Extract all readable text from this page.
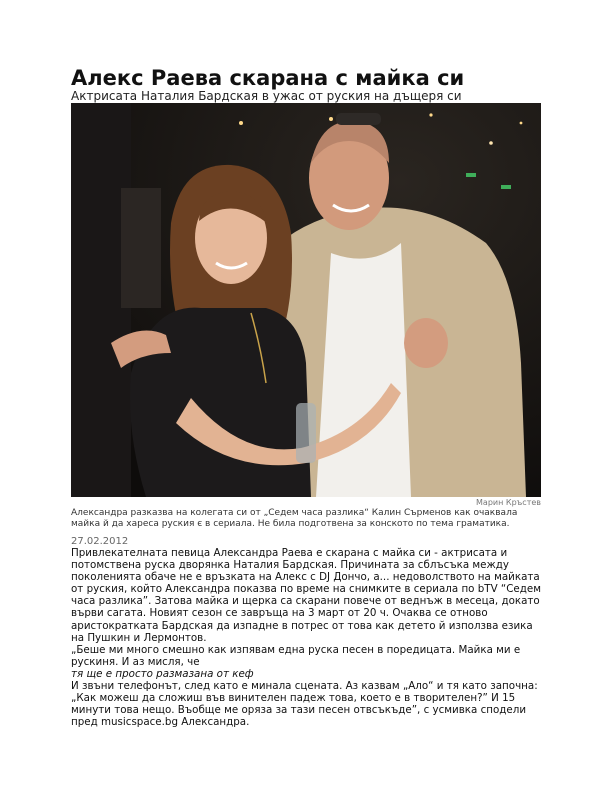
Алекс Раева скарана с майка си
Актрисата Наталия Бардская в ужас от руския на дъщеря си
Марин Кръстев
Александра разказва на колегата си от „Седем часа разлика“ Калин Сърменов как очаквала майка й да хареса руския є в сериала. Не била подготвена за конското по тема граматика.
27.02.2012

Привлекателната певица Александра Раева е скарана с майка си - актрисата и потомствена руска дворянка Наталия Бардская. Причината за сблъсъка между поколенията обаче не е връзката на Алекс с DJ Дончо, а... недоволството на майката от руския, който Александра показва по време на снимките в сериала по bTV “Седем часа разлика”. Затова майка и щерка са скарани повече от веднъж в месеца, докато върви сагата. Новият сезон се завръща на 3 март от 20 ч. Очаква се отново аристократката Бардская да изпадне в потрес от това как детето й използва езика на Пушкин и Лермонтов.

„Беше ми много смешно как изпявам една руска песен в поредицата. Майка ми е рускиня. И аз мисля, че

тя ще е просто размазана от кеф

И звъни телефонът, след като е минала сцената. Аз казвам „Ало“ и тя като започна: „Как можеш да сложиш във винителен падеж това, което е в творителен?” И 15 минути това нещо. Въобще ме оряза за тази песен отвсъкъде”, с усмивка сподели пред musicspace.bg Александра.
